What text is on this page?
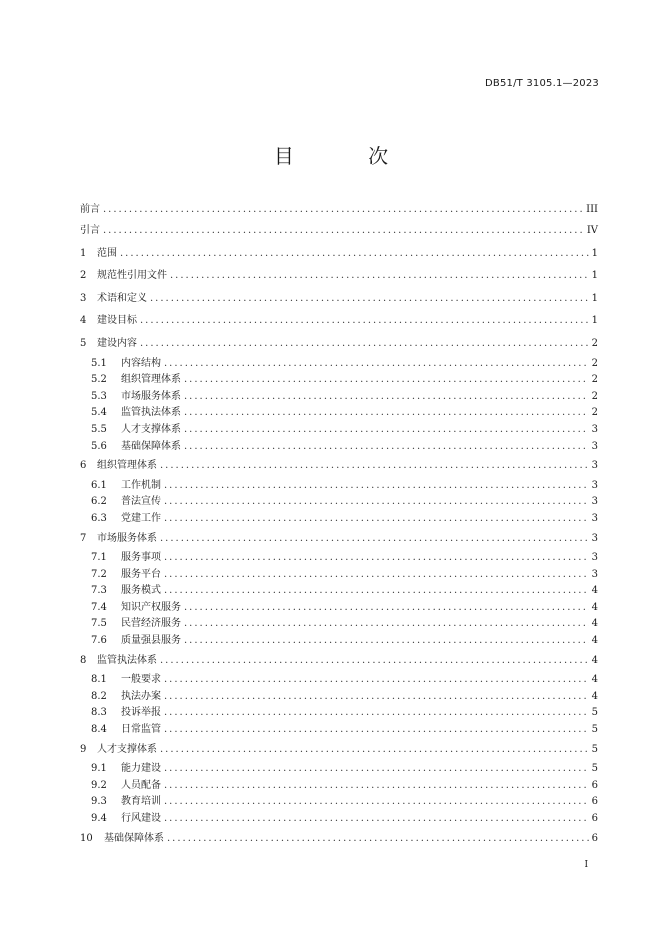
DB51/T 3105.1—2023
目 次
前言 .....	III
引言 .....	IV
1	范围 .....	1
2	规范性引用文件 .....	1
3	术语和定义 .....	1
4	建设目标 .....	1
5	建设内容 .....	2
5.1	内容结构 .....	2
5.2	组织管理体系 .....	2
5.3	市场服务体系 .....	2
5.4	监管执法体系 .....	2
5.5	人才支撑体系 .....	3
5.6	基础保障体系 .....	3
6	组织管理体系 .....	3
6.1	工作机制 .....	3
6.2	普法宣传 .....	3
6.3	党建工作 .....	3
7	市场服务体系 .....	3
7.1	服务事项 .....	3
7.2	服务平台 .....	3
7.3	服务模式 .....	4
7.4	知识产权服务 .....	4
7.5	民营经济服务 .....	4
7.6	质量强县服务 .....	4
8	监管执法体系 .....	4
8.1	一般要求 .....	4
8.2	执法办案 .....	4
8.3	投诉举报 .....	5
8.4	日常监管 .....	5
9	人才支撑体系 .....	5
9.1	能力建设 .....	5
9.2	人员配备 .....	6
9.3	教育培训 .....	6
9.4	行风建设 .....	6
10	基础保障体系 .....	6
I
